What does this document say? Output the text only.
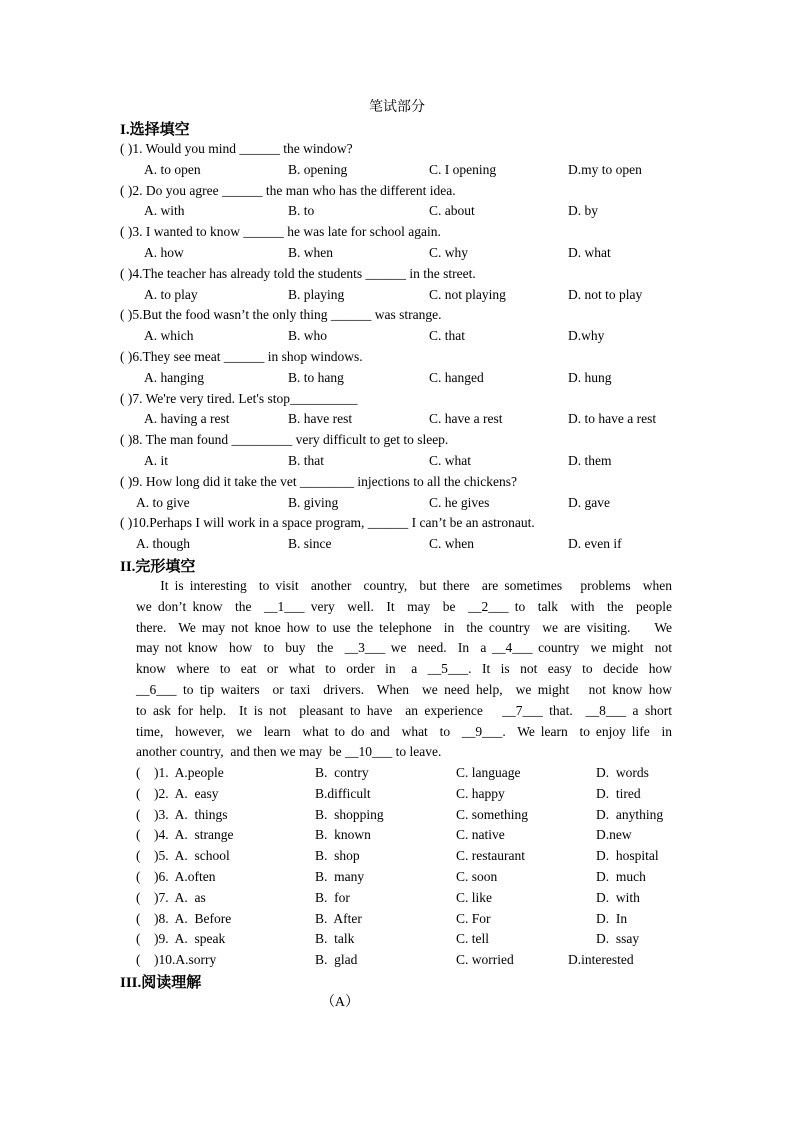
笔试部分
I.选择填空
( )1. Would you mind ______ the window?
A. to open	B. opening	C. I opening	D.my to open
( )2. Do you agree ______ the man who has the different idea.
A. with	B. to	C. about	D. by
( )3. I wanted to know ______ he was late for school again.
A. how	B. when	C. why	D. what
( )4.The teacher has already told the students ______ in the street.
A. to play	B. playing	C. not playing	D. not to play
( )5.But the food wasn’t the only thing ______ was strange.
A. which	B. who	C. that	D.why
( )6.They see meat ______ in shop windows.
A. hanging	B. to hang	C. hanged	D. hung
( )7. We're very tired. Let's stop__________
A. having a rest	B. have rest	C. have a rest	D. to have a rest
( )8. The man found _________ very difficult to get to sleep.
A. it	B. that	C. what	D. them
( )9. How long did it take the vet ________ injections to all the chickens?
A. to give	B. giving	C. he gives	D. gave
( )10.Perhaps I will work in a space program, ______ I can’t be an astronaut.
A. though	B. since	C. when	D. even if
II.完形填空
It is interesting  to visit  another  country,  but there  are sometimes   problems  when
we don’t know  the  __1___ very  well.  It  may  be  __2___ to  talk  with  the  people
there.  We may not knoe how to use the telephone  in  the country  we are visiting.    We
may not know  how  to  buy  the  __3___ we  need.  In  a __4___ country  we might  not
know  where  to  eat  or  what  to  order  in   a  __5___.  It  is  not  easy  to  decide  how
__6___ to tip waiters  or taxi  drivers.  When  we need help,  we might   not know how
to ask for help.  It is not  pleasant to have  an experience   __7___ that.  __8___ a short
time,  however,  we  learn  what to do and  what  to  __9___.  We learn  to enjoy life  in
another country,  and then we may  be __10___ to leave.
(    )1.  A.people	B.  contry	C. language	D.  words
(    )2.  A.  easy	B.difficult	C. happy	D.  tired
(    )3.  A.  things	B.  shopping	C. something	D.  anything
(    )4.  A.  strange	B.  known	C. native	D.new
(    )5.  A.  school	B.  shop	C. restaurant	D.  hospital
(    )6.  A.often	B.  many	C. soon	D.  much
(    )7.  A.  as	B.  for	C. like	D.  with
(    )8.  A.  Before	B.  After	C. For	D.  In
(    )9.  A.  speak	B.  talk	C. tell	D.  ssay
(    )10.A.sorry	B.  glad	C. worried	D.interested
III.阅读理解
（A）
